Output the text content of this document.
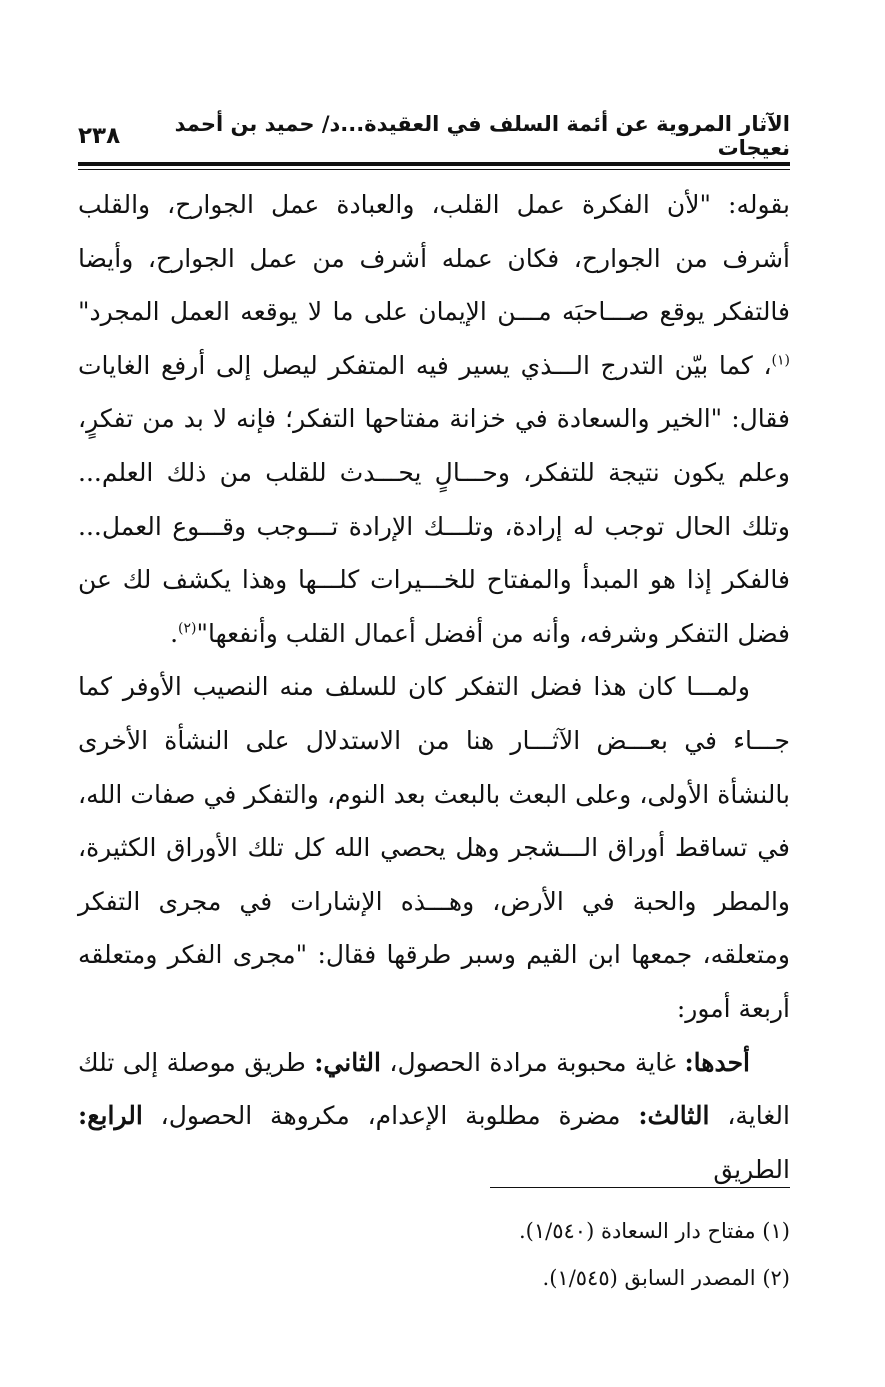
٢٣٨	الآثار المروية عن أئمة السلف في العقيدة...د/ حميد بن أحمد نعيجات

بقوله: "لأن الفكرة عمل القلب، والعبادة عمل الجوارح، والقلب أشرف من الجوارح، فكان عمله أشرف من عمل الجوارح، وأيضا فالتفكر يوقع صـــاحبَه مـــن الإيمان على ما لا يوقعه العمل المجرد"$^{(١)}$، كما بيّن التدرج الـــذي يسير فيه المتفكر ليصل إلى أرفع الغايات فقال: "الخير والسعادة في خزانة مفتاحها التفكر؛ فإنه لا بد من تفكرٍ، وعلم يكون نتيجة للتفكر، وحـــالٍ يحـــدث للقلب من ذلك العلم... وتلك الحال توجب له إرادة، وتلـــك الإرادة تـــوجب وقـــوع العمل... فالفكر إذا هو المبدأ والمفتاح للخـــيرات كلـــها وهذا يكشف لك عن فضل التفكر وشرفه، وأنه من أفضل أعمال القلب وأنفعها"$^{(٢)}$.

ولمـــا كان هذا فضل التفكر كان للسلف منه النصيب الأوفر كما جـــاء في بعـــض الآثـــار هنا من الاستدلال على النشأة الأخرى بالنشأة الأولى، وعلى البعث بالبعث بعد النوم، والتفكر في صفات الله، في تساقط أوراق الـــشجر وهل يحصي الله كل تلك الأوراق الكثيرة، والمطر والحبة في الأرض، وهـــذه الإشارات في مجرى التفكر ومتعلقه، جمعها ابن القيم وسبر طرقها فقال: "مجرى الفكر ومتعلقه أربعة أمور:

أحدها: غاية محبوبة مرادة الحصول، الثاني: طريق موصلة إلى تلك الغاية، الثالث: مضرة مطلوبة الإعدام، مكروهة الحصول، الرابع: الطريق

(١) مفتاح دار السعادة (١/٥٤٠).
(٢) المصدر السابق (١/٥٤٥).
